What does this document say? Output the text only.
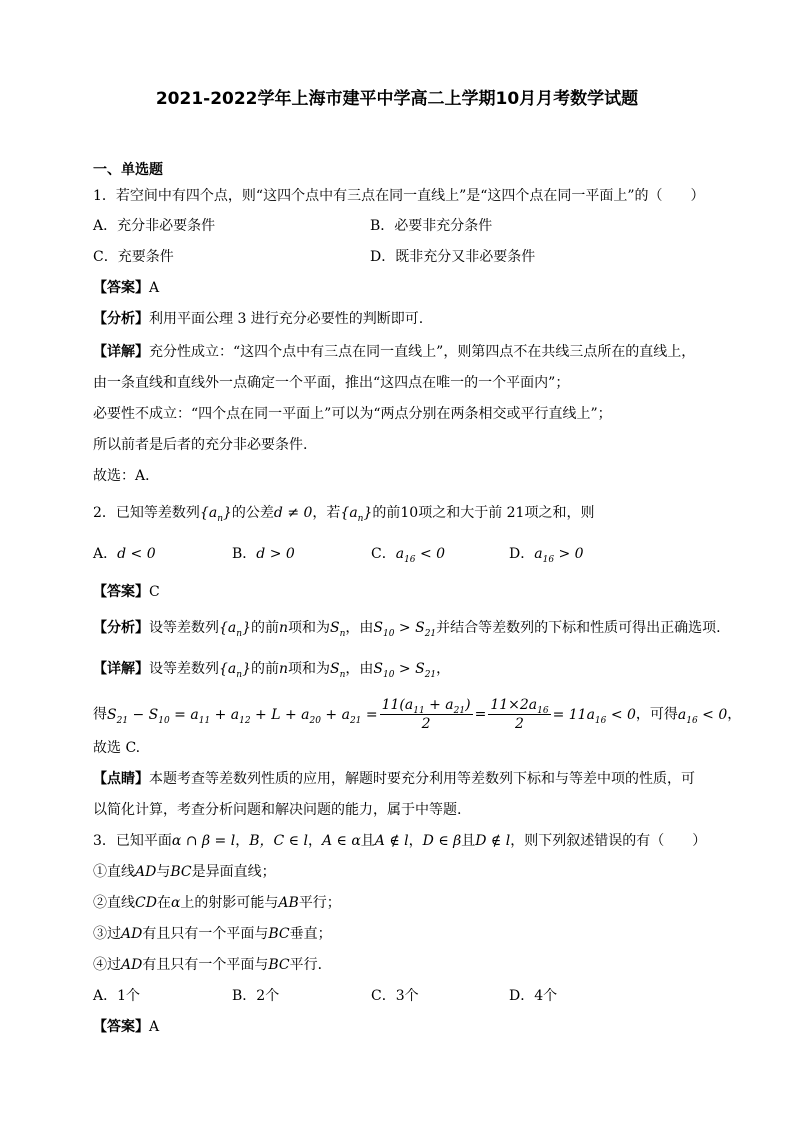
2021-2022学年上海市建平中学高二上学期10月月考数学试题
一、单选题
1．若空间中有四个点，则“这四个点中有三点在同一直线上”是“这四个点在同一平面上”的（　　）
A．充分非必要条件	B．必要非充分条件
C．充要条件	D．既非充分又非必要条件
【答案】A
【分析】利用平面公理 3 进行充分必要性的判断即可.
【详解】充分性成立：“这四个点中有三点在同一直线上”，则第四点不在共线三点所在的直线上，
由一条直线和直线外一点确定一个平面，推出“这四点在唯一的一个平面内”；
必要性不成立：“四个点在同一平面上”可以为“两点分别在两条相交或平行直线上”；
所以前者是后者的充分非必要条件.
故选：A．
2．已知等差数列$\{a_n\}$的公差d ≠ 0，若$\{a_n\}$的前10项之和大于前 21项之和，则
A．d < 0	B．d > 0	C．$a_{16} < 0$	D．$a_{16} > 0$
【答案】C
【分析】设等差数列$\{a_n\}$的前n项和为$S_n$，由$S_{10} > S_{21}$并结合等差数列的下标和性质可得出正确选项.
【详解】设等差数列$\{a_n\}$的前n项和为$S_n$，由$S_{10} > S_{21}$，
得$S_{21} - S_{10} = a_{11} + a_{12} + L + a_{20} + a_{21} = \frac{11(a_{11} + a_{21})}{2} = \frac{11\times 2a_{16}}{2} = 11a_{16} < 0$，可得$a_{16} < 0$，
故选 C.
【点睛】本题考查等差数列性质的应用，解题时要充分利用等差数列下标和与等差中项的性质，可
以简化计算，考查分析问题和解决问题的能力，属于中等题.
3．已知平面α ∩ β = l，B，C ∈ l，A ∈ α且A ∉ l，D ∈ β且D ∉ l，则下列叙述错误的有（　　）
①直线AD与BC是异面直线；
②直线CD在α上的射影可能与AB平行；
③过AD有且只有一个平面与BC垂直；
④过AD有且只有一个平面与BC平行．
A．1个	B．2个	C．3个	D．4个
【答案】A
